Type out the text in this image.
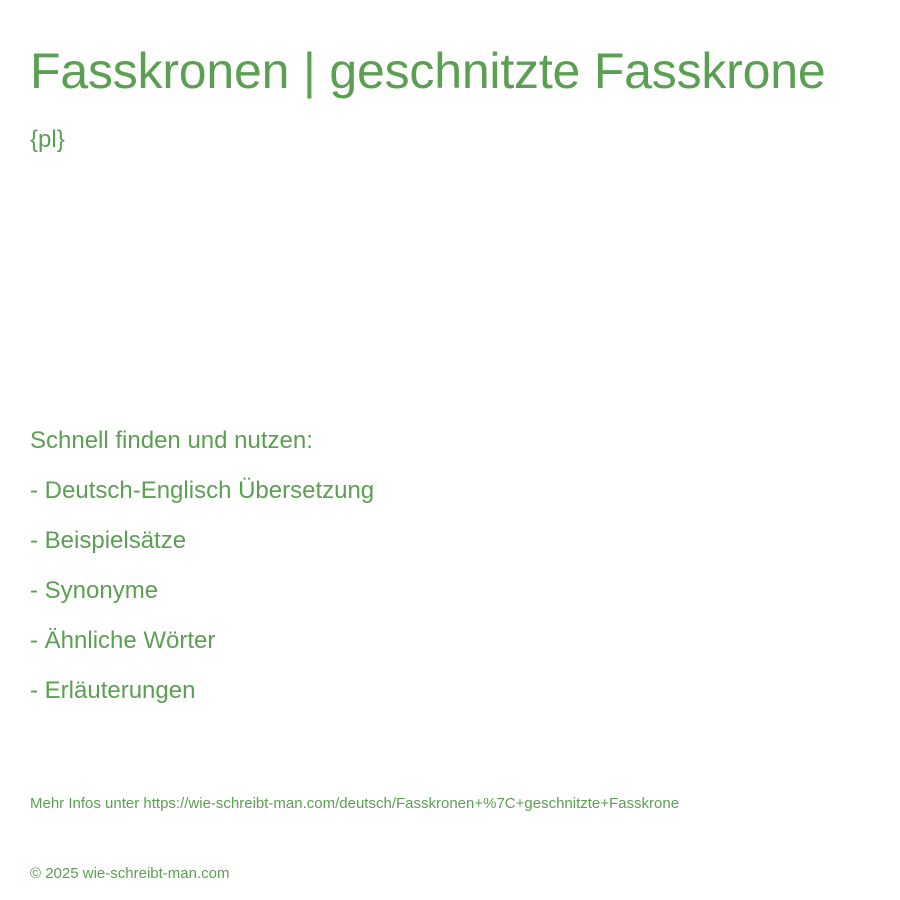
Fasskronen | geschnitzte Fasskrone

{pl}

Schnell finden und nutzen:

- Deutsch-Englisch Übersetzung
- Beispielsätze
- Synonyme
- Ähnliche Wörter
- Erläuterungen

Mehr Infos unter https://wie-schreibt-man.com/deutsch/Fasskronen+%7C+geschnitzte+Fasskrone

© 2025 wie-schreibt-man.com
